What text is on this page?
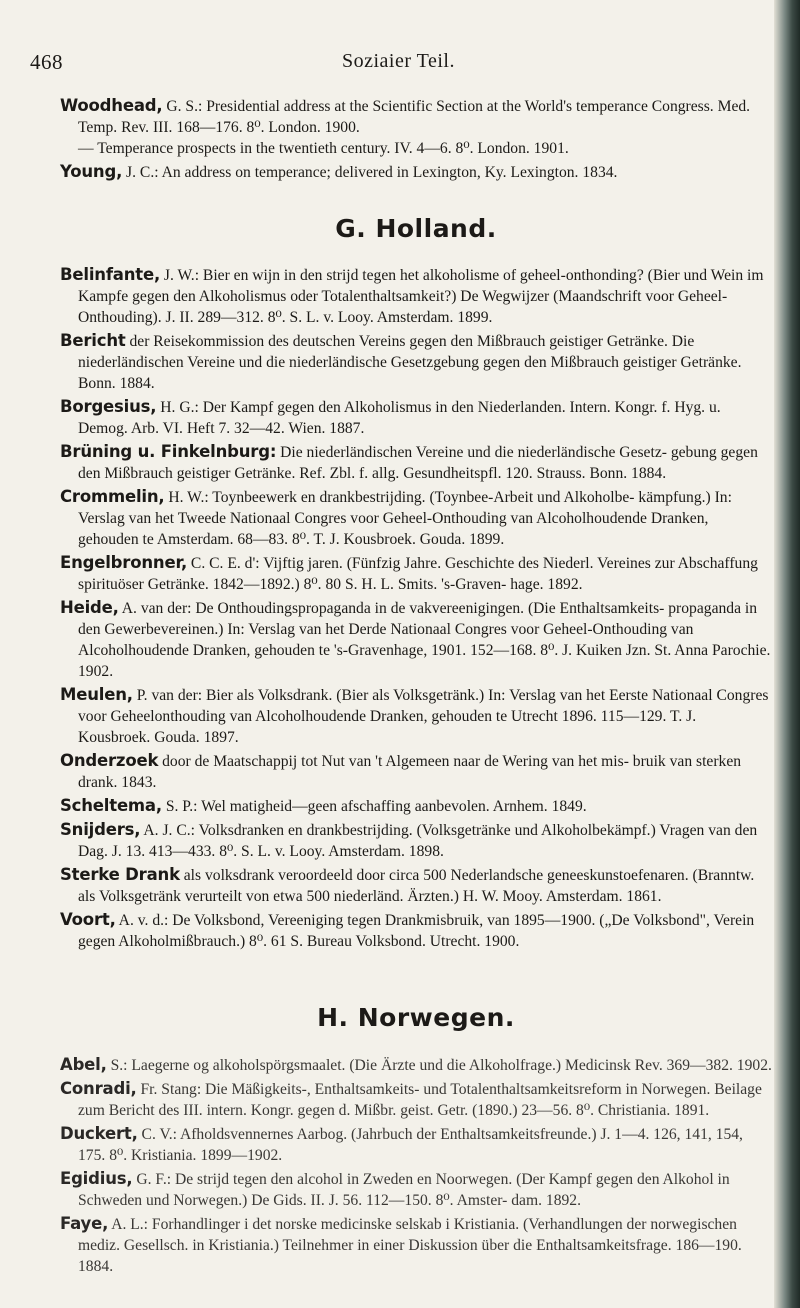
468	Soziaier Teil.

Woodhead, G. S.: Presidential address at the Scientific Section at the World's temperance Congress. Med. Temp. Rev. III. 168—176. 8⁰. London. 1900.

— Temperance prospects in the twentieth century. IV. 4—6. 8⁰. London. 1901.

Young, J. C.: An address on temperance; delivered in Lexington, Ky. Lexington. 1834.

G. Holland.

Belinfante, J. W.: Bier en wijn in den strijd tegen het alkoholisme of geheel-onthonding? (Bier und Wein im Kampfe gegen den Alkoholismus oder Totalenthaltsamkeit?) De Wegwijzer (Maandschrift voor Geheel-Onthouding). J. II. 289—312. 8⁰. S. L. v. Looy. Amsterdam. 1899.

Bericht der Reisekommission des deutschen Vereins gegen den Mißbrauch geistiger Getränke. Die niederländischen Vereine und die niederländische Gesetzgebung gegen den Mißbrauch geistiger Getränke. Bonn. 1884.

Borgesius, H. G.: Der Kampf gegen den Alkoholismus in den Niederlanden. Intern. Kongr. f. Hyg. u. Demog. Arb. VI. Heft 7. 32—42. Wien. 1887.

Brüning u. Finkelnburg: Die niederländischen Vereine und die niederländische Gesetz- gebung gegen den Mißbrauch geistiger Getränke. Ref. Zbl. f. allg. Gesundheitspfl. 120. Strauss. Bonn. 1884.

Crommelin, H. W.: Toynbeewerk en drankbestrijding. (Toynbee-Arbeit und Alkoholbe- kämpfung.) In: Verslag van het Tweede Nationaal Congres voor Geheel-Onthouding van Alcoholhoudende Dranken, gehouden te Amsterdam. 68—83. 8⁰. T. J. Kousbroek. Gouda. 1899.

Engelbronner, C. C. E. d': Vijftig jaren. (Fünfzig Jahre. Geschichte des Niederl. Vereines zur Abschaffung spirituöser Getränke. 1842—1892.) 8⁰. 80 S. H. L. Smits. 's-Graven- hage. 1892.

Heide, A. van der: De Onthoudingspropaganda in de vakvereenigingen. (Die Enthaltsamkeits- propaganda in den Gewerbevereinen.) In: Verslag van het Derde Nationaal Congres voor Geheel-Onthouding van Alcoholhoudende Dranken, gehouden te 's-Gravenhage, 1901. 152—168. 8⁰. J. Kuiken Jzn. St. Anna Parochie. 1902.

Meulen, P. van der: Bier als Volksdrank. (Bier als Volksgetränk.) In: Verslag van het Eerste Nationaal Congres voor Geheelonthouding van Alcoholhoudende Dranken, gehouden te Utrecht 1896. 115—129. T. J. Kousbroek. Gouda. 1897.

Onderzoek door de Maatschappij tot Nut van 't Algemeen naar de Wering van het mis- bruik van sterken drank. 1843.

Scheltema, S. P.: Wel matigheid—geen afschaffing aanbevolen. Arnhem. 1849.

Snijders, A. J. C.: Volksdranken en drankbestrijding. (Volksgetränke und Alkoholbekämpf.) Vragen van den Dag. J. 13. 413—433. 8⁰. S. L. v. Looy. Amsterdam. 1898.

Sterke Drank als volksdrank veroordeeld door circa 500 Nederlandsche geneeskunstoefenaren. (Branntw. als Volksgetränk verurteilt von etwa 500 niederländ. Ärzten.) H. W. Mooy. Amsterdam. 1861.

Voort, A. v. d.: De Volksbond, Vereeniging tegen Drankmisbruik, van 1895—1900. („De Volksbond", Verein gegen Alkoholmißbrauch.) 8⁰. 61 S. Bureau Volksbond. Utrecht. 1900.

H. Norwegen.

Abel, S.: Laegerne og alkoholspörgsmaalet. (Die Ärzte und die Alkoholfrage.) Medicinsk Rev. 369—382. 1902.

Conradi, Fr. Stang: Die Mäßigkeits-, Enthaltsamkeits- und Totalenthaltsamkeitsreform in Norwegen. Beilage zum Bericht des III. intern. Kongr. gegen d. Mißbr. geist. Getr. (1890.) 23—56. 8⁰. Christiania. 1891.

Duckert, C. V.: Afholdsvennernes Aarbog. (Jahrbuch der Enthaltsamkeitsfreunde.) J. 1—4. 126, 141, 154, 175. 8⁰. Kristiania. 1899—1902.

Egidius, G. F.: De strijd tegen den alcohol in Zweden en Noorwegen. (Der Kampf gegen den Alkohol in Schweden und Norwegen.) De Gids. II. J. 56. 112—150. 8⁰. Amster- dam. 1892.

Faye, A. L.: Forhandlinger i det norske medicinske selskab i Kristiania. (Verhandlungen der norwegischen mediz. Gesellsch. in Kristiania.) Teilnehmer in einer Diskussion über die Enthaltsamkeitsfrage. 186—190. 1884.
